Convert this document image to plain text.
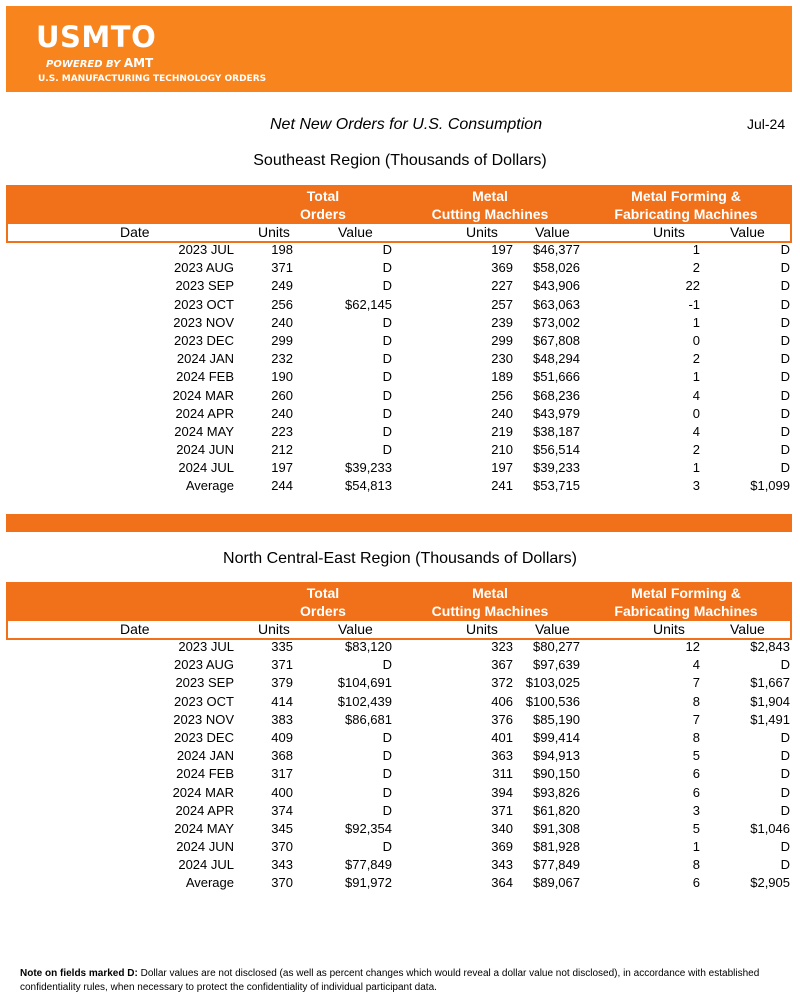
USMTO
POWERED BY AMT
U.S. MANUFACTURING TECHNOLOGY ORDERS
Net New Orders for U.S. Consumption	Jul-24
Southeast Region (Thousands of Dollars)
Total
Orders
Metal
Cutting Machines
Metal Forming &
Fabricating Machines
Date	Units	Value	Units	Value	Units	Value
2023 JUL	198	D	197 $46,377	1	D
2023 AUG	371	D	369 $58,026	2	D
2023 SEP	249	D	227 $43,906	22	D
2023 OCT	256	$62,145	257 $63,063	-1	D
2023 NOV	240	D	239 $73,002	1	D
2023 DEC	299	D	299 $67,808	0	D
2024 JAN	232	D	230 $48,294	2	D
2024 FEB	190	D	189 $51,666	1	D
2024 MAR	260	D	256 $68,236	4	D
2024 APR	240	D	240 $43,979	0	D
2024 MAY	223	D	219 $38,187	4	D
2024 JUN	212	D	210 $56,514	2	D
2024 JUL	197	$39,233	197 $39,233	1	D
Average	244	$54,813	241 $53,715	3	$1,099
North Central-East Region (Thousands of Dollars)
Total
Orders
Metal
Cutting Machines
Metal Forming &
Fabricating Machines
Date	Units	Value	Units	Value	Units	Value
2023 JUL	335	$83,120	323 $80,277	12	$2,843
2023 AUG	371	D	367 $97,639	4	D
2023 SEP	379	$104,691	372 $103,025	7	$1,667
2023 OCT	414	$102,439	406 $100,536	8	$1,904
2023 NOV	383	$86,681	376 $85,190	7	$1,491
2023 DEC	409	D	401 $99,414	8	D
2024 JAN	368	D	363 $94,913	5	D
2024 FEB	317	D	311 $90,150	6	D
2024 MAR	400	D	394 $93,826	6	D
2024 APR	374	D	371 $61,820	3	D
2024 MAY	345	$92,354	340 $91,308	5	$1,046
2024 JUN	370	D	369 $81,928	1	D
2024 JUL	343	$77,849	343 $77,849	8	D
Average	370	$91,972	364 $89,067	6	$2,905
Note on fields marked D: Dollar values are not disclosed (as well as percent changes which would reveal a dollar value not disclosed), in accordance with established confidentiality rules, when necessary to protect the confidentiality of individual participant data.
